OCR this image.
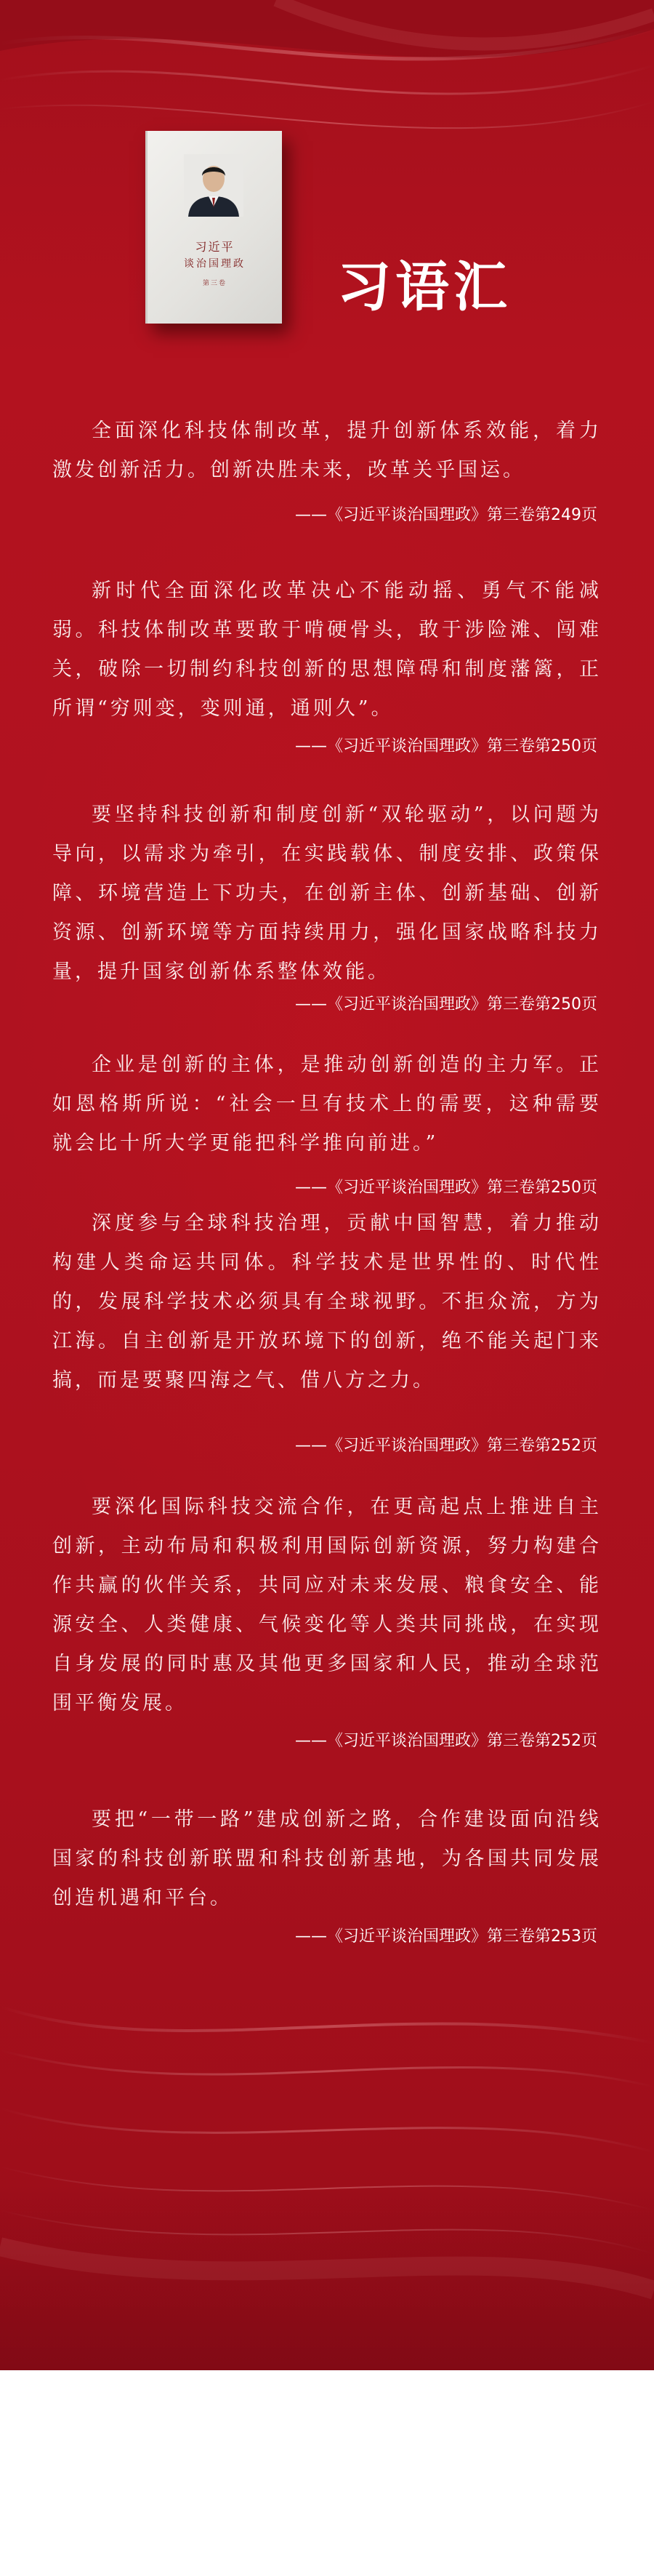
习近平
谈治国理政
第三卷	习语汇
全面深化科技体制改革，提升创新体系效能，着力激发创新活力。创新决胜未来，改革关乎国运。
——《习近平谈治国理政》第三卷第249页
新时代全面深化改革决心不能动摇、勇气不能减弱。科技体制改革要敢于啃硬骨头，敢于涉险滩、闯难关，破除一切制约科技创新的思想障碍和制度藩篱，正所谓“穷则变，变则通，通则久”。
——《习近平谈治国理政》第三卷第250页
要坚持科技创新和制度创新“双轮驱动”，以问题为导向，以需求为牵引，在实践载体、制度安排、政策保障、环境营造上下功夫，在创新主体、创新基础、创新资源、创新环境等方面持续用力，强化国家战略科技力量，提升国家创新体系整体效能。
——《习近平谈治国理政》第三卷第250页
企业是创新的主体，是推动创新创造的主力军。正如恩格斯所说：“社会一旦有技术上的需要，这种需要就会比十所大学更能把科学推向前进。”
——《习近平谈治国理政》第三卷第250页
深度参与全球科技治理，贡献中国智慧，着力推动构建人类命运共同体。科学技术是世界性的、时代性的，发展科学技术必须具有全球视野。不拒众流，方为江海。自主创新是开放环境下的创新，绝不能关起门来搞，而是要聚四海之气、借八方之力。
——《习近平谈治国理政》第三卷第252页
要深化国际科技交流合作，在更高起点上推进自主创新，主动布局和积极利用国际创新资源，努力构建合作共赢的伙伴关系，共同应对未来发展、粮食安全、能源安全、人类健康、气候变化等人类共同挑战，在实现自身发展的同时惠及其他更多国家和人民，推动全球范围平衡发展。
——《习近平谈治国理政》第三卷第252页
要把“一带一路”建成创新之路，合作建设面向沿线国家的科技创新联盟和科技创新基地，为各国共同发展创造机遇和平台。
——《习近平谈治国理政》第三卷第253页
